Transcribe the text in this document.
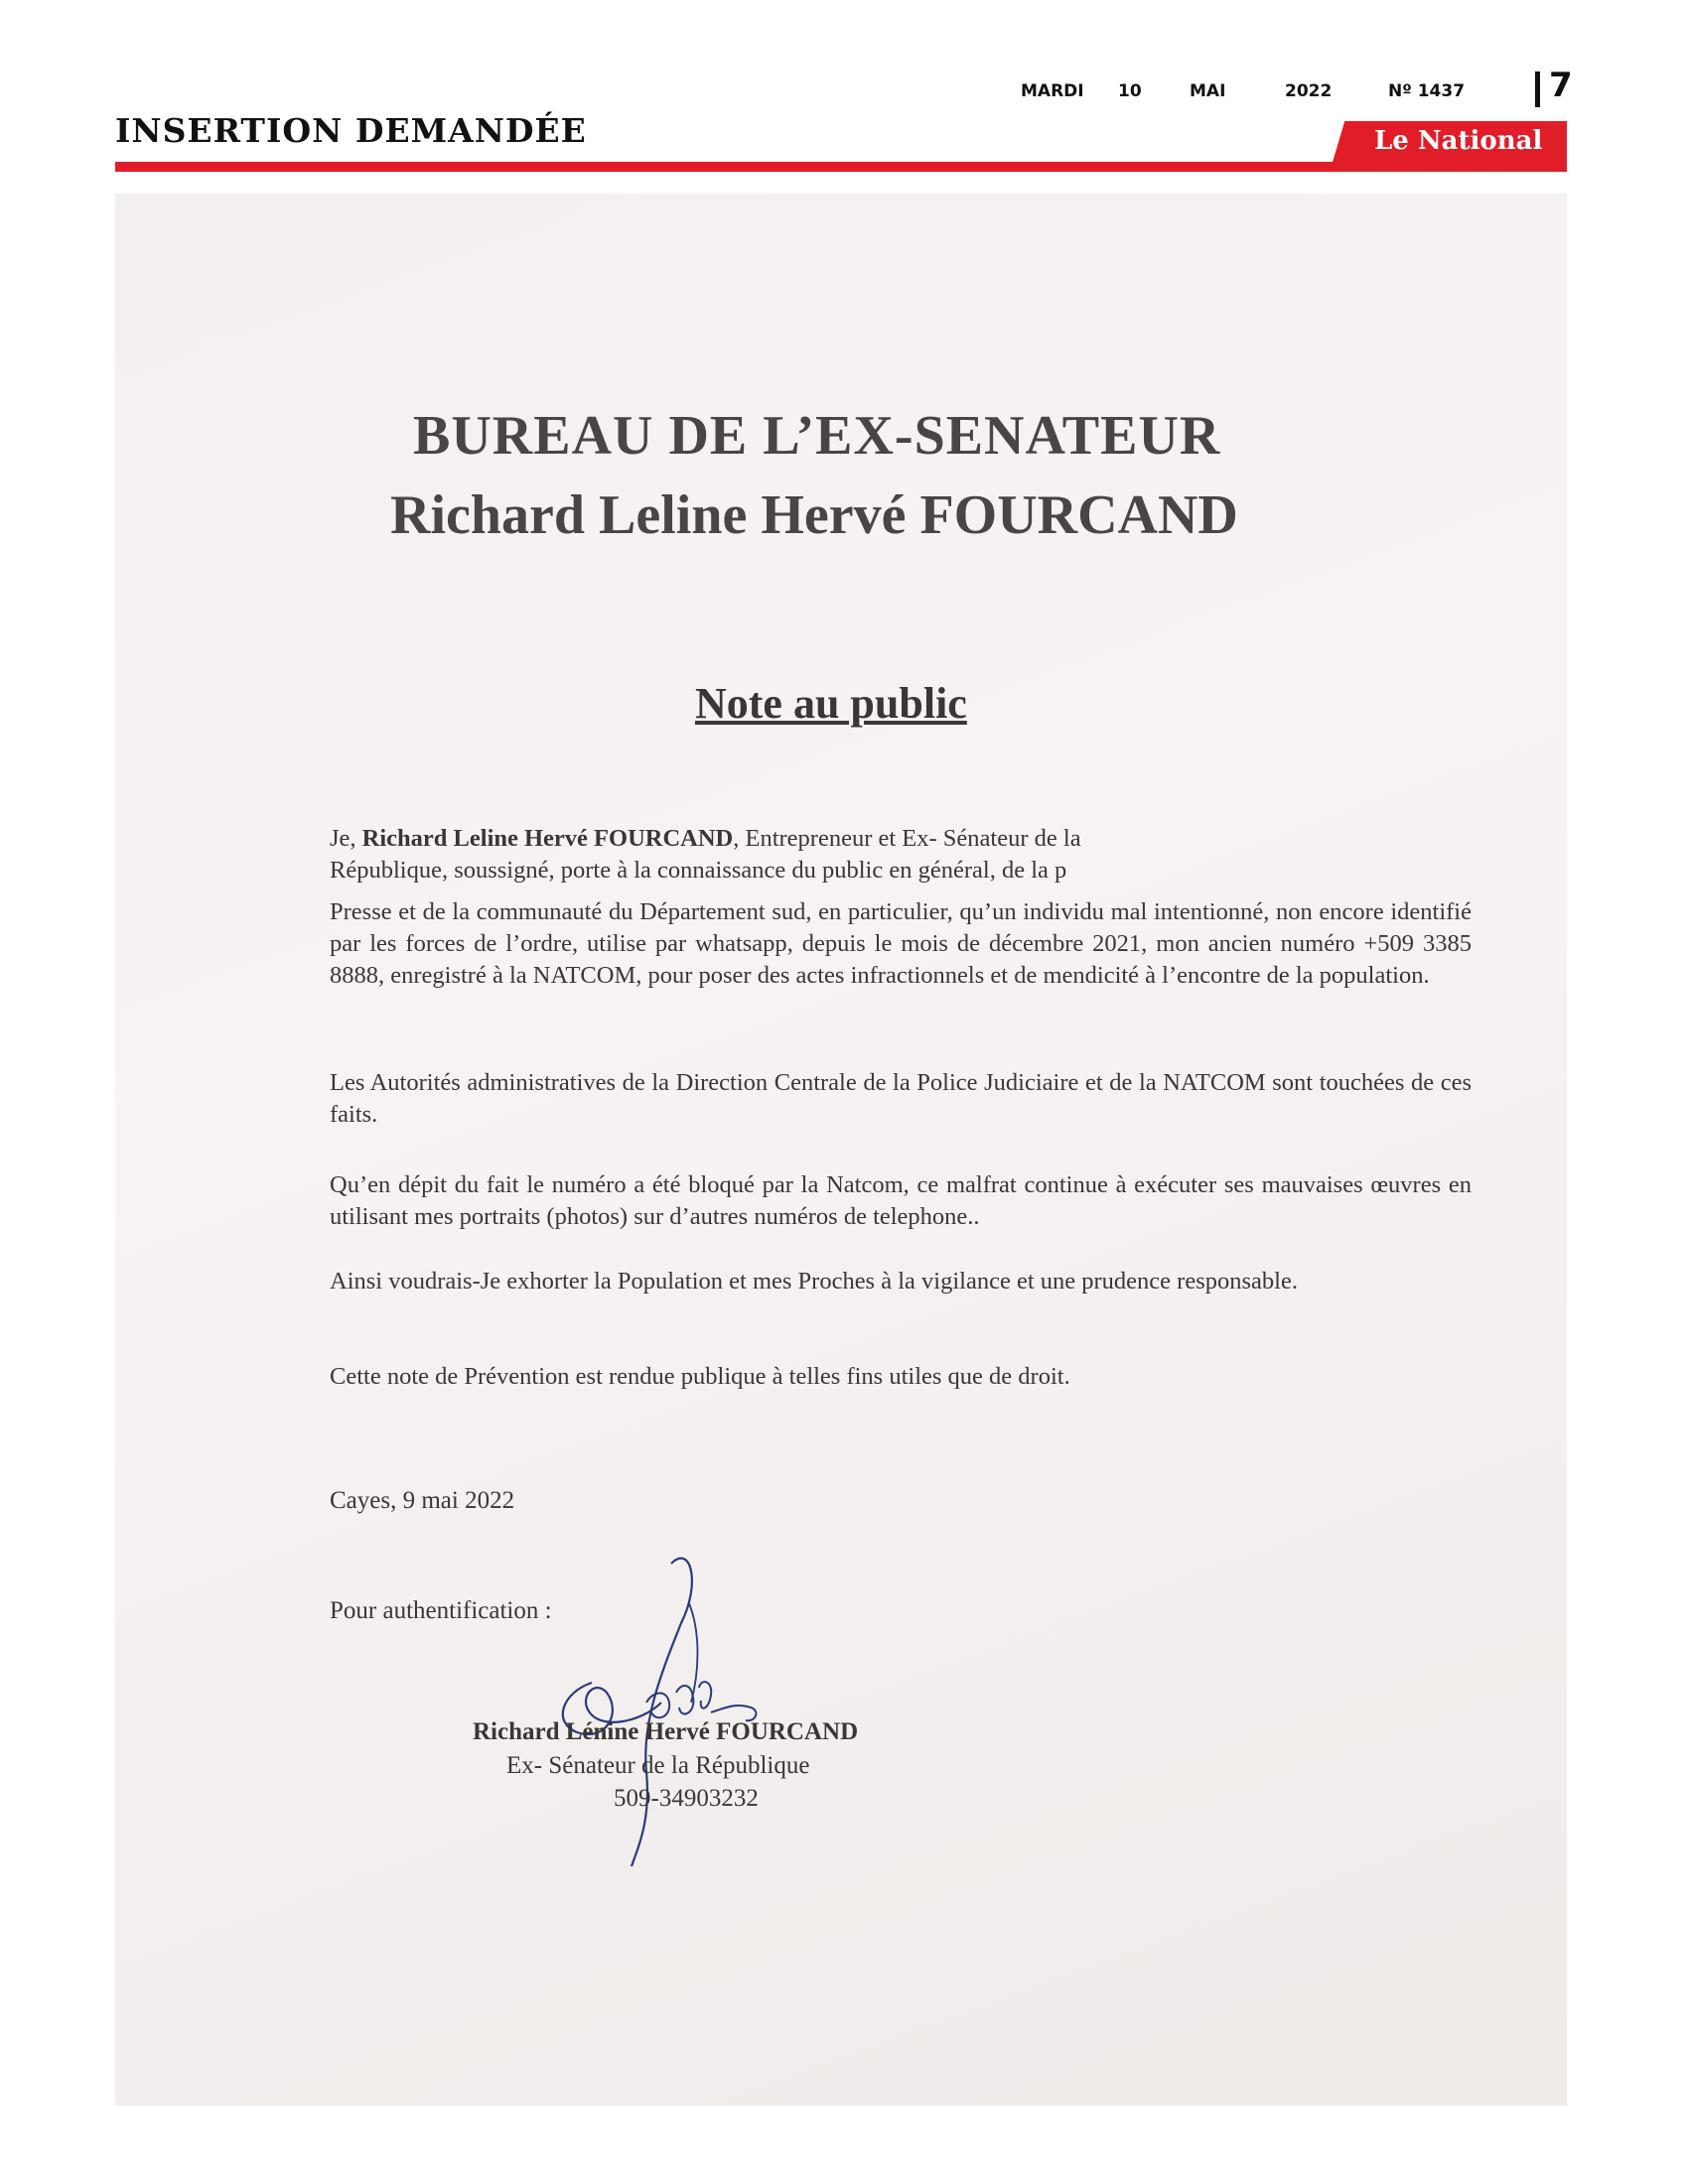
MARDI 10	MAI	2022	Nº 1437 7
INSERTION DEMANDÉE	Le National
BUREAU DE L’EX-SENATEUR
Richard Leline Hervé FOURCAND
Note au public
Je, Richard Leline Hervé FOURCAND, Entrepreneur et Ex- Sénateur de la
République, soussigné, porte à la connaissance du public en général, de la p
Presse et de la communauté du Département sud, en particulier, qu’un individu mal intentionné, non encore identifié par les forces de l’ordre, utilise par whatsapp, depuis le mois de décembre 2021, mon ancien numéro +509 3385 8888, enregistré à la NATCOM, pour poser des actes infractionnels et de mendicité à l’encontre de la population.
Les Autorités administratives de la Direction Centrale de la Police Judiciaire et de la NATCOM sont touchées de ces faits.
Qu’en dépit du fait le numéro a été bloqué par la Natcom, ce malfrat continue à exécuter ses mauvaises œuvres en utilisant mes portraits (photos) sur d’autres numéros de telephone..
Ainsi voudrais-Je exhorter la Population et mes Proches à la vigilance et une prudence responsable.
Cette note de Prévention est rendue publique à telles fins utiles que de droit.
Cayes, 9 mai 2022
Pour authentification :
Richard Lénine Hervé FOURCAND
Ex- Sénateur de la République
509-34903232
